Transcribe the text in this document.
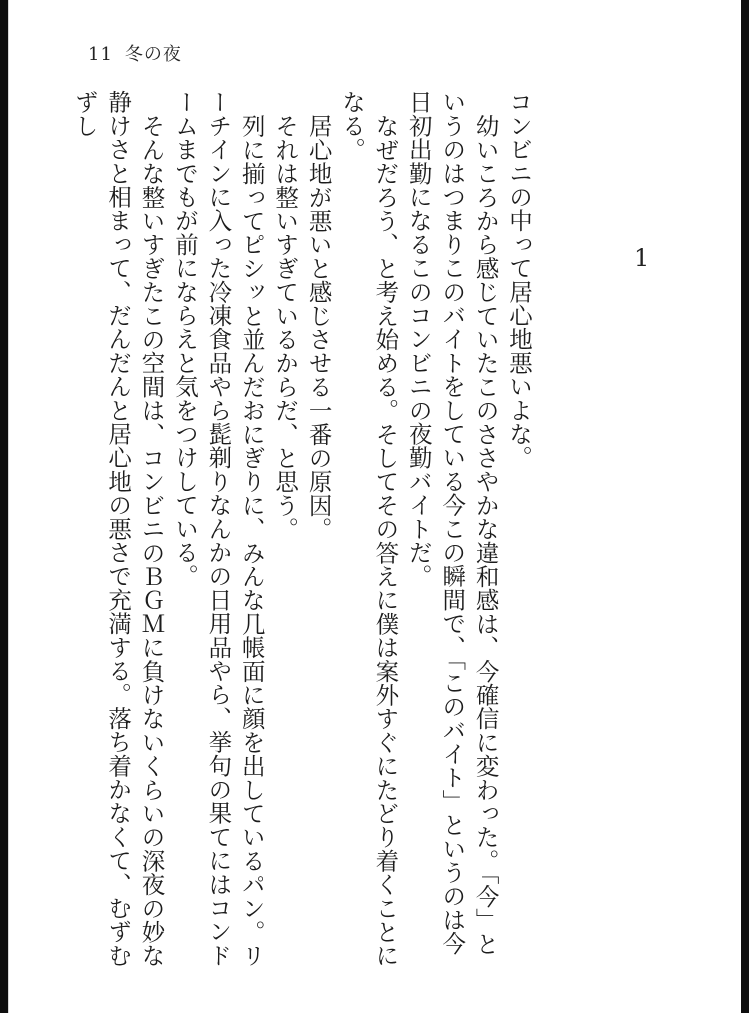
11 冬の夜
1

コンビニの中って居心地悪いよな。

幼いころから感じていたこのささやかな違和感は、今確信に変わった。「今」というのはつまりこのバイトをしている今この瞬間で、「このバイト」というのは今日初出勤になるこのコンビニの夜勤バイトだ。

なぜだろう、と考え始める。そしてその答えに僕は案外すぐにたどり着くことになる。

居心地が悪いと感じさせる一番の原因。

それは整いすぎているからだ、と思う。

列に揃ってピシッと並んだおにぎりに、みんな几帳面に顔を出しているパン。リーチインに入った冷凍食品やら髭剃りなんかの日用品やら、挙句の果てにはコンドームまでもが前にならえと気をつけしている。

そんな整いすぎたこの空間は、コンビニのＢＧＭに負けないくらいの深夜の妙な静けさと相まって、だんだんと居心地の悪さで充満する。落ち着かなくて、むずむずし
